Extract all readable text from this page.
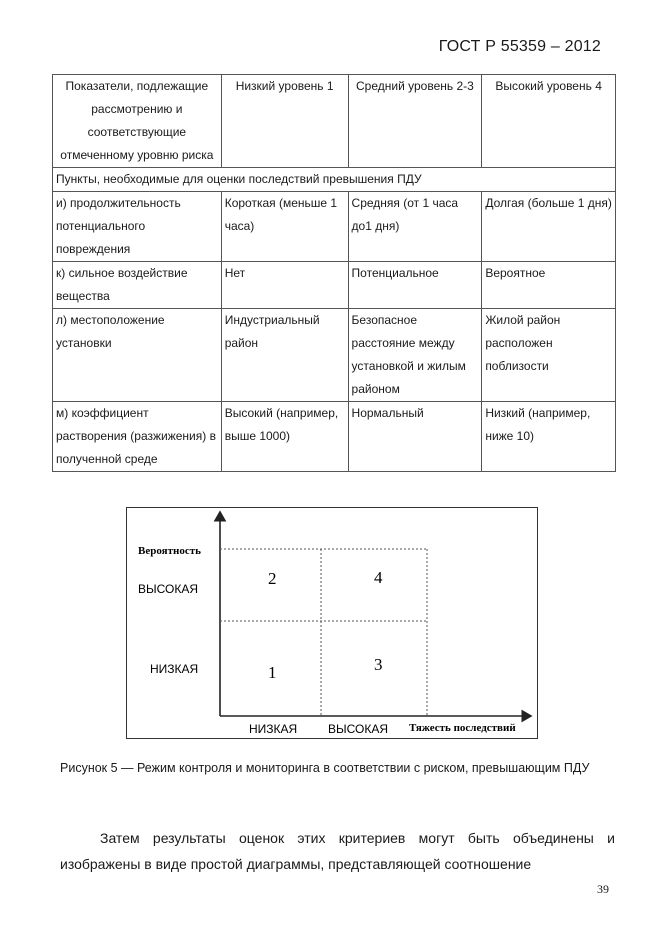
ГОСТ Р 55359 – 2012
Показатели, подлежащие рассмотрению и соответствующие отмеченному уровню риска	Низкий уровень 1	Средний уровень 2-3	Высокий уровень 4
Пункты, необходимые для оценки последствий превышения ПДУ			
и) продолжительность потенциального повреждения	Короткая (меньше 1 часа)	Средняя (от 1 часа до1 дня)	Долгая (больше 1 дня)
к) сильное воздействие вещества	Нет	Потенциальное	Вероятное
л) местоположение установки	Индустриальный район	Безопасное расстояние между установкой и жилым районом	Жилой район расположен поблизости
м) коэффициент растворения (разжижения) в полученной среде	Высокий (например, выше 1000)	Нормальный	Низкий (например, ниже 10)
Вероятность
ВЫСОКАЯ
НИЗКАЯ
НИЗКАЯ	ВЫСОКАЯ Тяжесть последствий
2	4
1	3
Рисунок 5 — Режим контроля и мониторинга в соответствии с риском, превышающим ПДУ
Затем результаты оценок этих критериев могут быть объединены и изображены в виде простой диаграммы, представляющей соотношение
39
